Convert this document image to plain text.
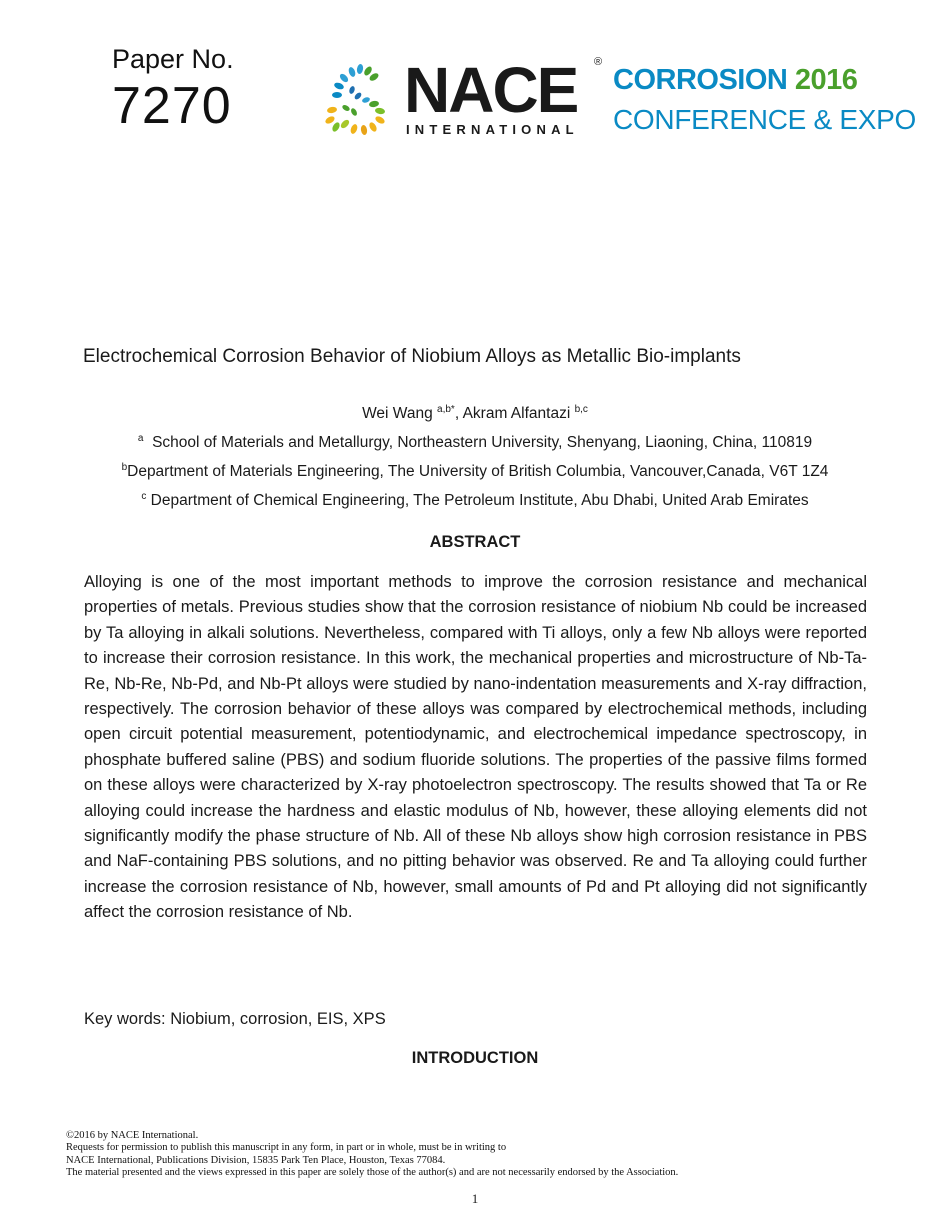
Paper No.
7270	NACE ®
INTERNATIONAL
CORROSION 2016
CONFERENCE & EXPO
Electrochemical Corrosion Behavior of Niobium Alloys as Metallic Bio-implants
Wei Wang $^{a,b*}$, Akram Alfantazi $^{b,c}$
$^a$ School of Materials and Metallurgy, Northeastern University, Shenyang, Liaoning, China, 110819
$^b$Department of Materials Engineering, The University of British Columbia, Vancouver,Canada, V6T 1Z4
$^c$ Department of Chemical Engineering, The Petroleum Institute, Abu Dhabi, United Arab Emirates
ABSTRACT
Alloying is one of the most important methods to improve the corrosion resistance and mechanical properties of metals. Previous studies show that the corrosion resistance of niobium Nb could be increased by Ta alloying in alkali solutions. Nevertheless, compared with Ti alloys, only a few Nb alloys were reported to increase their corrosion resistance. In this work, the mechanical properties and microstructure of Nb-Ta-Re, Nb-Re, Nb-Pd, and Nb-Pt alloys were studied by nano-indentation measurements and X-ray diffraction, respectively. The corrosion behavior of these alloys was compared by electrochemical methods, including open circuit potential measurement, potentiodynamic, and electrochemical impedance spectroscopy, in phosphate buffered saline (PBS) and sodium fluoride solutions. The properties of the passive films formed on these alloys were characterized by X-ray photoelectron spectroscopy. The results showed that Ta or Re alloying could increase the hardness and elastic modulus of Nb, however, these alloying elements did not significantly modify the phase structure of Nb. All of these Nb alloys show high corrosion resistance in PBS and NaF-containing PBS solutions, and no pitting behavior was observed. Re and Ta alloying could further increase the corrosion resistance of Nb, however, small amounts of Pd and Pt alloying did not significantly affect the corrosion resistance of Nb.
Key words: Niobium, corrosion, EIS, XPS
INTRODUCTION
©2016 by NACE International.
Requests for permission to publish this manuscript in any form, in part or in whole, must be in writing to
NACE International, Publications Division, 15835 Park Ten Place, Houston, Texas 77084.
The material presented and the views expressed in this paper are solely those of the author(s) and are not necessarily endorsed by the Association.
1
